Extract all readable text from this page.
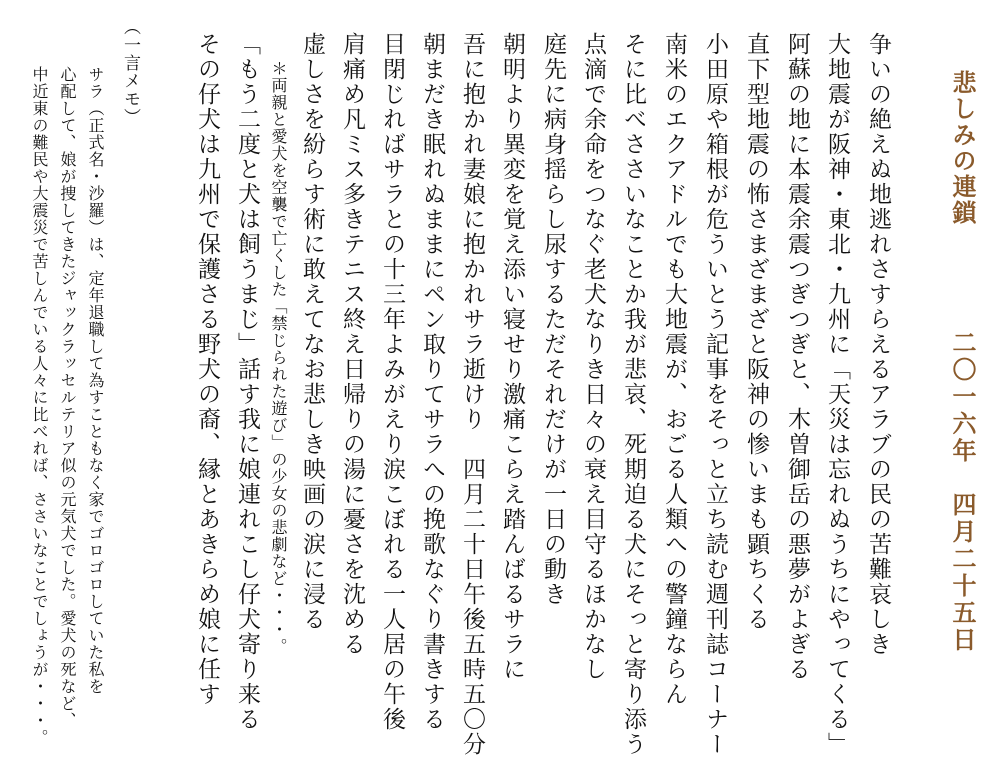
悲しみの連鎖
二〇一六年　四月二十五日
争いの絶えぬ地逃れさすらえるアラブの民の苦難哀しき
大地震が阪神・東北・九州に「天災は忘れぬうちにやってくる」
阿蘇の地に本震余震つぎつぎと、木曽御岳の悪夢がよぎる
直下型地震の怖さまざまざと阪神の惨いまも顕ちくる
小田原や箱根が危ういとう記事をそっと立ち読む週刊誌コーナー
南米のエクアドルでも大地震が、おごる人類への警鐘ならん
そに比べささいなことか我が悲哀、死期迫る犬にそっと寄り添う
点滴で余命をつなぐ老犬なりき日々の衰え目守るほかなし
庭先に病身揺らし尿するただそれだけが一日の動き
朝明より異変を覚え添い寝せり激痛こらえ踏んばるサラに
吾に抱かれ妻娘に抱かれサラ逝けり　四月二十日午後五時五〇分
朝まだき眠れぬままにペン取りてサラへの挽歌なぐり書きする
目閉じればサラとの十三年よみがえり涙こぼれる一人居の午後
肩痛め凡ミス多きテニス終え日帰りの湯に憂さを沈める
虚しさを紛らす術に敢えてなお悲しき映画の涙に浸る
＊両親と愛犬を空襲で亡くした「禁じられた遊び」の少女の悲劇など・・・。
「もう二度と犬は飼うまじ」話す我に娘連れこし仔犬寄り来る
その仔犬は九州で保護さる野犬の裔、縁とあきらめ娘に任す
（一言メモ）
サラ（正式名・沙羅）は、定年退職して為すこともなく家でゴロゴロしていた私を
心配して、娘が捜してきたジャックラッセルテリア似の元気犬でした。愛犬の死など、
中近東の難民や大震災で苦しんでいる人々に比べれば、ささいなことでしょうが・・・。
